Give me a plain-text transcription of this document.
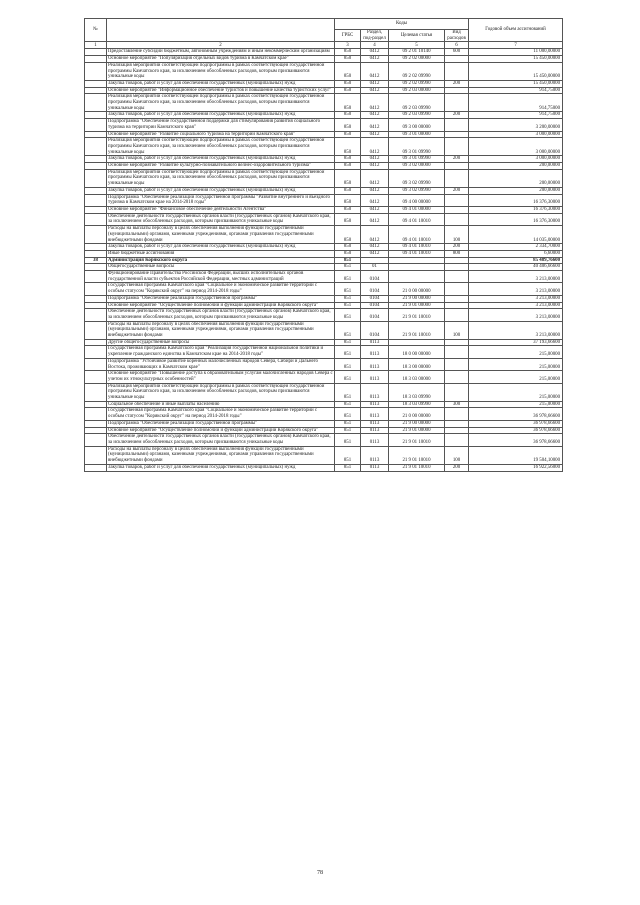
№		Коды				Годовой объем ассигнований
		ГРБС	Раздел, под-раздел	Целевая статья	Вид расходов	
1	2	3	4	5	6	7
	Предоставление субсидий бюджетным, автономным учреждениям и иным некоммерческим организациям	850	0412	09 2 01 10140	600	11 000,00000
	Основное мероприятие "Популяризация отдельных видов туризма в Камчатском крае"	850	0412	09 2 02 00000		15 450,00000
	Реализация мероприятий соответствующей подпрограммы в рамках соответствующей государственной программы Камчатского края, за исключением обособленных расходов, которым присваиваются уникальные коды	850	0412	09 2 02 09990		15 450,00000
	Закупка товаров, работ и услуг для обеспечения государственных (муниципальных) нужд	850	0412	09 2 02 09990	200	15 450,00000
	Основное мероприятие "Информационное обеспечение туристов и повышение качества туристских услуг"	850	0412	09 2 03 00000		914,75000
	Реализация мероприятий соответствующей подпрограммы в рамках соответствующей государственной программы Камчатского края, за исключением обособленных расходов, которым присваиваются уникальные коды	850	0412	09 2 03 09990		914,75000
	Закупка товаров, работ и услуг для обеспечения государственных (муниципальных) нужд	850	0412	09 2 03 09990	200	914,75000
	Подпрограмма "Обеспечение государственной поддержки для стимулирования развития социального туризма на территории Камчатского края"	850	0412	09 3 00 00000		3 200,00000
	Основное мероприятие "Развитие социального туризма на территории Камчатского края"	850	0412	09 3 01 00000		3 000,00000
	Реализация мероприятий соответствующей подпрограммы в рамках соответствующей государственной программы Камчатского края, за исключением обособленных расходов, которым присваиваются уникальные коды	850	0412	09 3 01 09990		3 000,00000
	Закупка товаров, работ и услуг для обеспечения государственных (муниципальных) нужд	850	0412	09 3 01 09990	200	3 000,00000
	Основное мероприятие "Развитие культурно-познавательного велнес-оздоровительного туризма"	850	0412	09 3 02 00000		200,00000
	Реализация мероприятий соответствующей подпрограммы в рамках соответствующей государственной программы Камчатского края, за исключением обособленных расходов, которым присваиваются уникальные коды	850	0412	09 3 02 09990		200,00000
	Закупка товаров, работ и услуг для обеспечения государственных (муниципальных) нужд	850	0412	09 3 02 09990	200	200,00000
	Подпрограмма "Обеспечение реализации государственной программы "Развитие внутреннего и въездного туризма в Камчатском крае на 2014-2018 годы"	850	0412	09 4 00 00000		16 376,30000
	Основное мероприятие "Финансовое обеспечение деятельности Агентства"	850	0412	09 4 01 00000		16 376,30000
	Обеспечение деятельности государственных органов власти (государственных органов) Камчатского края, за исключением обособленных расходов, которым присваиваются уникальные коды	850	0412	09 4 01 10010		16 376,30000
	Расходы на выплаты персоналу в целях обеспечения выполнения функций государственными (муниципальными) органами, казенными учреждениями, органами управления государственными внебюджетными фондами	850	0412	09 4 01 10010	100	14 035,00000
	Закупка товаров, работ и услуг для обеспечения государственных (муниципальных) нужд	850	0412	09 4 01 10010	200	2 334,70000
	Иные бюджетные ассигнования	850	0412	09 4 01 10010	800	6,60000
38	Администрация Корякского округа	851				85 489,76600
	Общегосударственные вопросы	851	01			40 406,66600
	Функционирование Правительства Российской Федерации, высших исполнительных органов государственной власти субъектов Российской Федерации, местных администраций	851	0104			3 213,00000
	Государственная программа Камчатского края "Социальное и экономическое развитие территории с особым статусом "Корякский округ" на период 2014-2018 годы"	851	0104	21 0 00 00000		3 213,00000
	Подпрограмма "Обеспечение реализации государственной программы"	851	0104	21 9 00 00000		3 213,00000
	Основное мероприятие "Осуществление полномочий и функций администрации Корякского округа"	851	0104	21 9 01 00000		3 213,00000
	Обеспечение деятельности государственных органов власти (государственных органов) Камчатского края, за исключением обособленных расходов, которым присваиваются уникальные коды	851	0104	21 9 01 10010		3 213,00000
	Расходы на выплаты персоналу в целях обеспечения выполнения функций государственными (муниципальными) органами, казенными учреждениями, органами управления государственными внебюджетными фондами	851	0104	21 9 01 10010	100	3 213,00000
	Другие общегосударственные вопросы	851	0113			37 193,66600
	Государственная программа Камчатского края "Реализация государственной национальной политики и укрепление гражданского единства в Камчатском крае на 2014-2018 годы"	851	0113	18 0 00 00000		215,00000
	Подпрограмма "Устойчивое развитие коренных малочисленных народов Севера, Сибири и Дальнего Востока, проживающих в Камчатском крае"	851	0113	18 3 00 00000		215,00000
	Основное мероприятие "Повышение доступа к образовательным услугам малочисленных народов Севера с учетом их этнокультурных особенностей"	851	0113	18 3 03 00000		215,00000
	Реализация мероприятий соответствующей подпрограммы в рамках соответствующей государственной программы Камчатского края, за исключением обособленных расходов, которым присваиваются уникальные коды	851	0113	18 3 03 09990		215,00000
	Социальное обеспечение и иные выплаты населению	851	0113	18 3 03 09990	300	215,00000
	Государственная программа Камчатского края "Социальное и экономическое развитие территории с особым статусом "Корякский округ" на период 2014-2018 годы"	851	0113	21 0 00 00000		36 978,66600
	Подпрограмма "Обеспечение реализации государственной программы"	851	0113	21 9 00 00000		36 978,66600
	Основное мероприятие "Осуществление полномочий и функций администрации Корякского округа"	851	0113	21 9 01 00000		36 978,66600
	Обеспечение деятельности государственных органов власти (государственных органов) Камчатского края, за исключением обособленных расходов, которым присваиваются уникальные коды	851	0113	21 9 01 10010		36 978,66600
	Расходы на выплаты персоналу в целях обеспечения выполнения функций государственными (муниципальными) органами, казенными учреждениями, органами управления государственными внебюджетными фондами	851	0113	21 9 01 10010	100	19 504,10000
	Закупка товаров, работ и услуг для обеспечения государственных (муниципальных) нужд	851	0113	21 9 01 10010	200	16 922,56000
78
